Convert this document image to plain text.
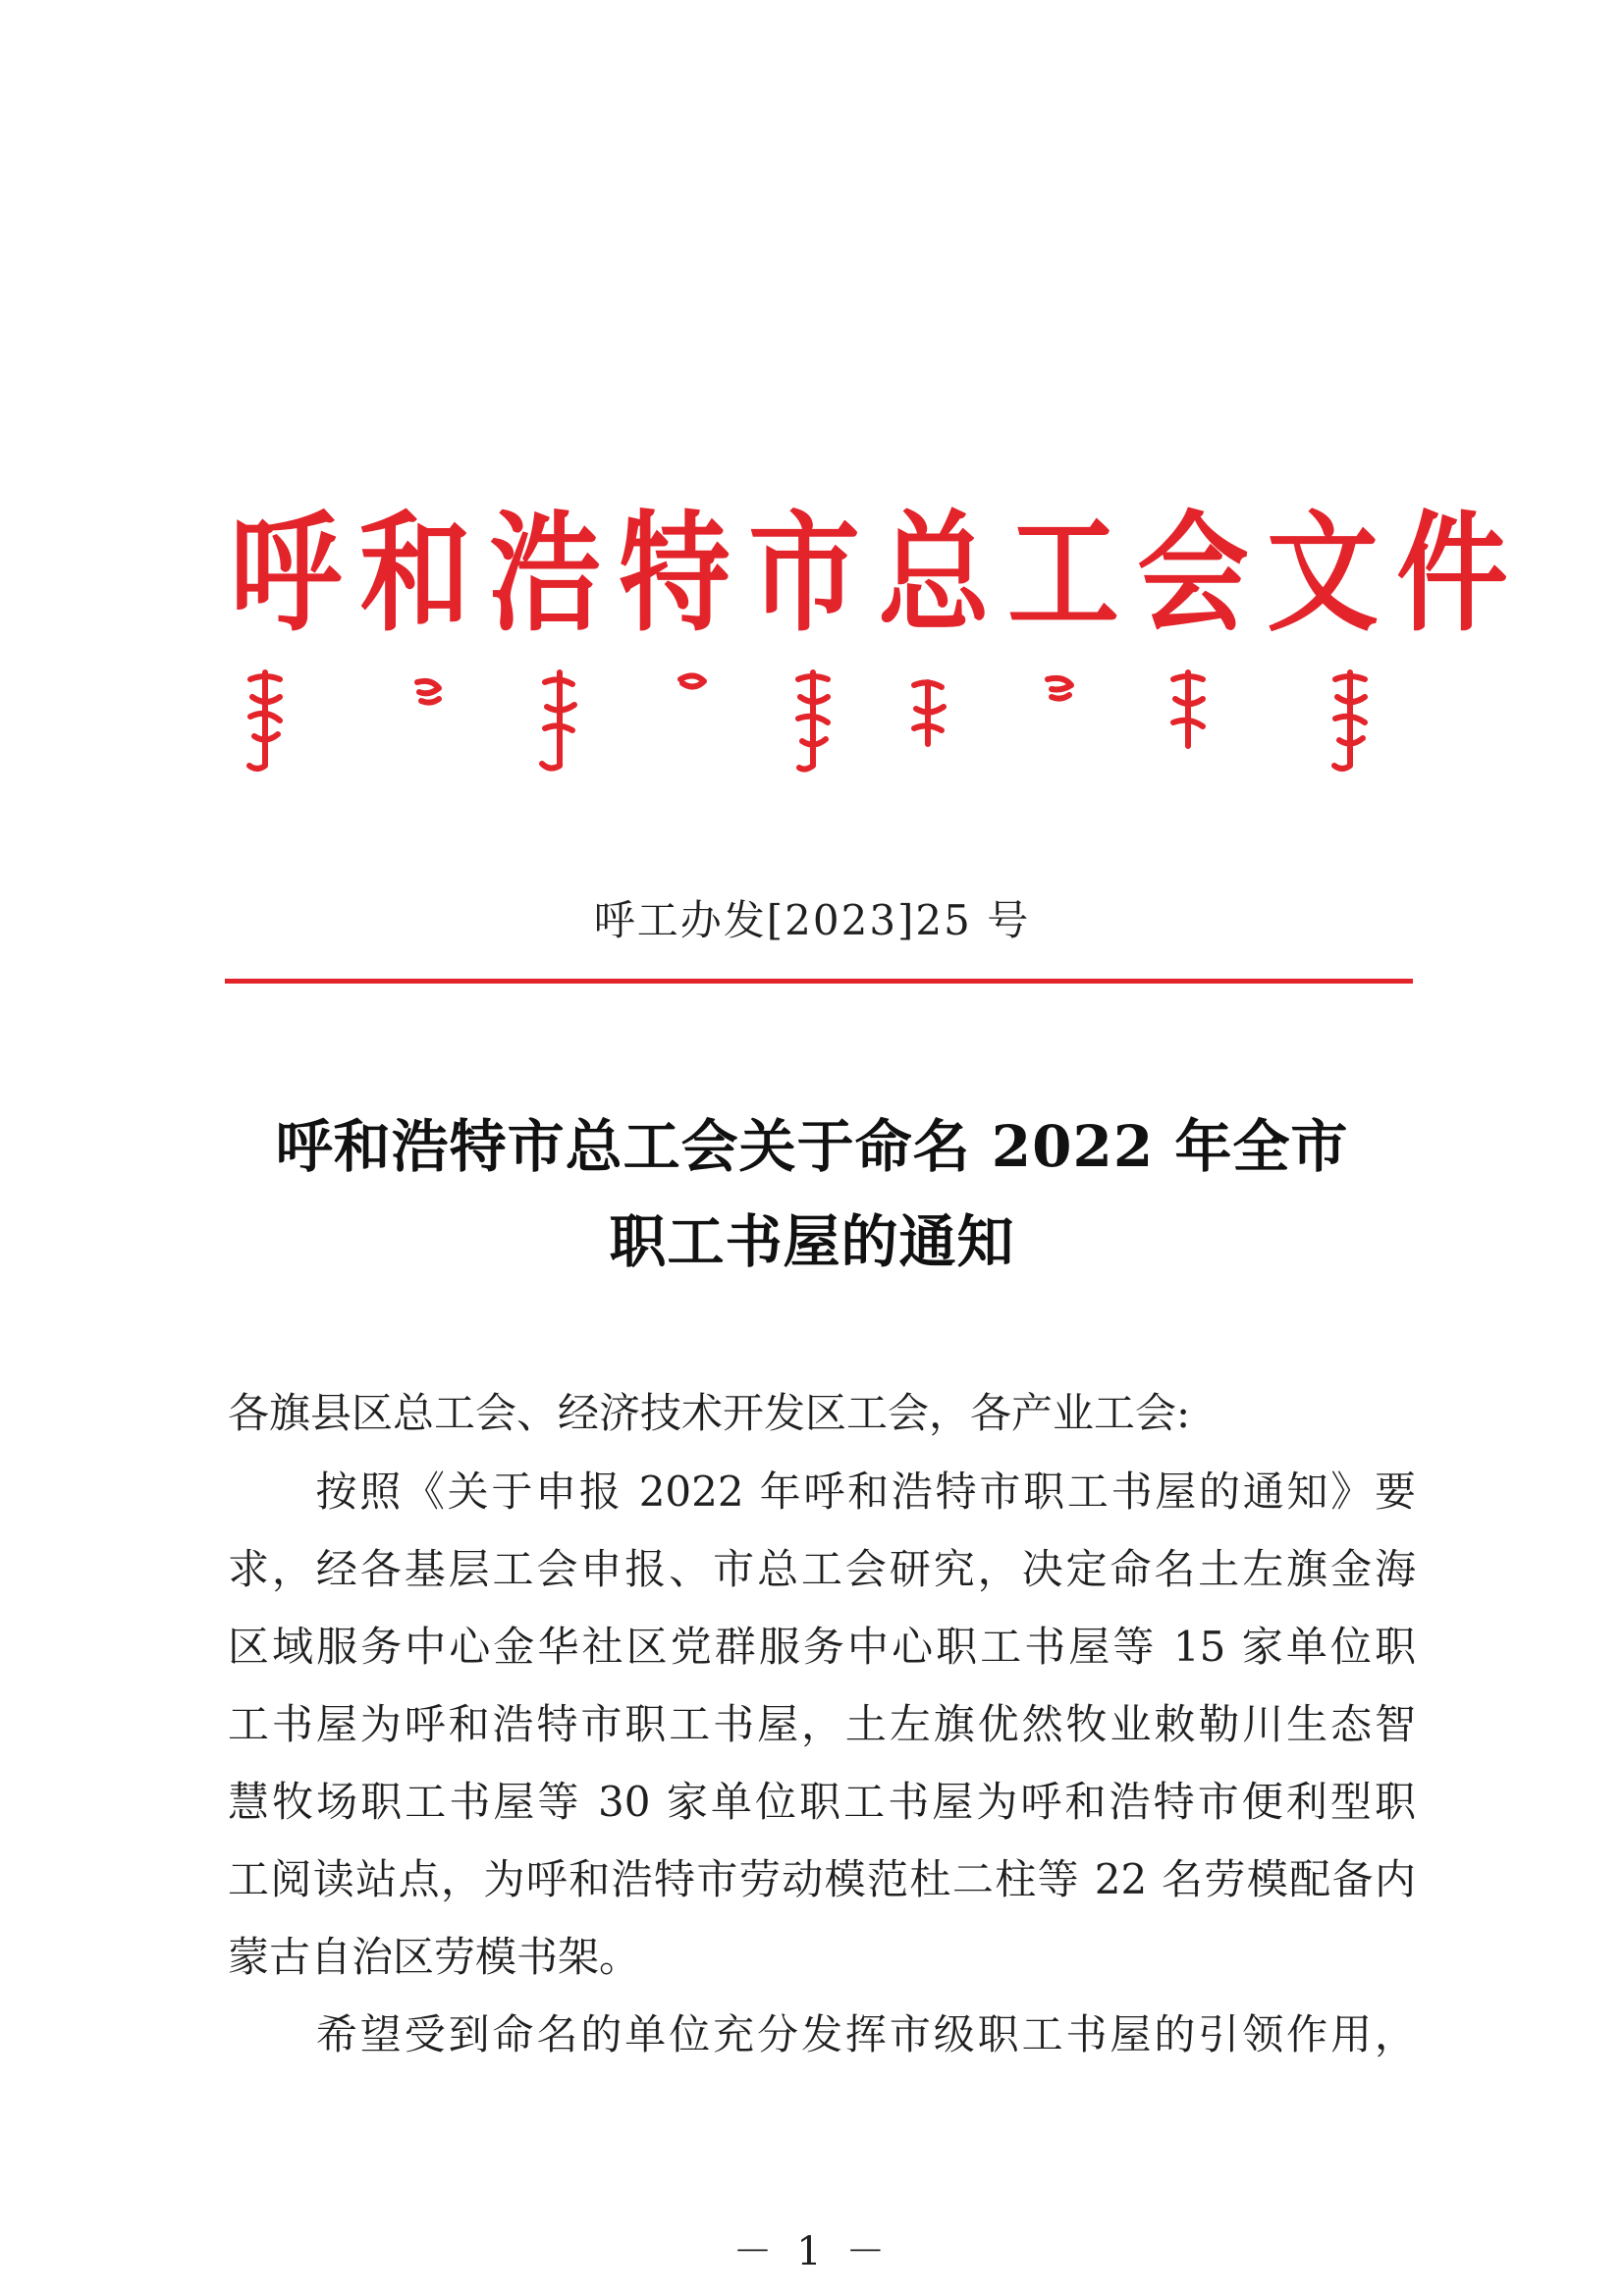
呼 和 浩 特 市 总 工 会 文 件
呼工办发[2023]25 号
呼和浩特市总工会关于命名 2022 年全市
职工书屋的通知
各旗县区总工会、经济技术开发区工会，各产业工会:
　　按照《关于申报 2022 年呼和浩特市职工书屋的通知》要
求，经各基层工会申报、市总工会研究，决定命名土左旗金海
区域服务中心金华社区党群服务中心职工书屋等 15 家单位职
工书屋为呼和浩特市职工书屋，土左旗优然牧业敕勒川生态智
慧牧场职工书屋等 30 家单位职工书屋为呼和浩特市便利型职
工阅读站点，为呼和浩特市劳动模范杜二柱等 22 名劳模配备内
蒙古自治区劳模书架。
　　希望受到命名的单位充分发挥市级职工书屋的引领作用，
－ 1 －
